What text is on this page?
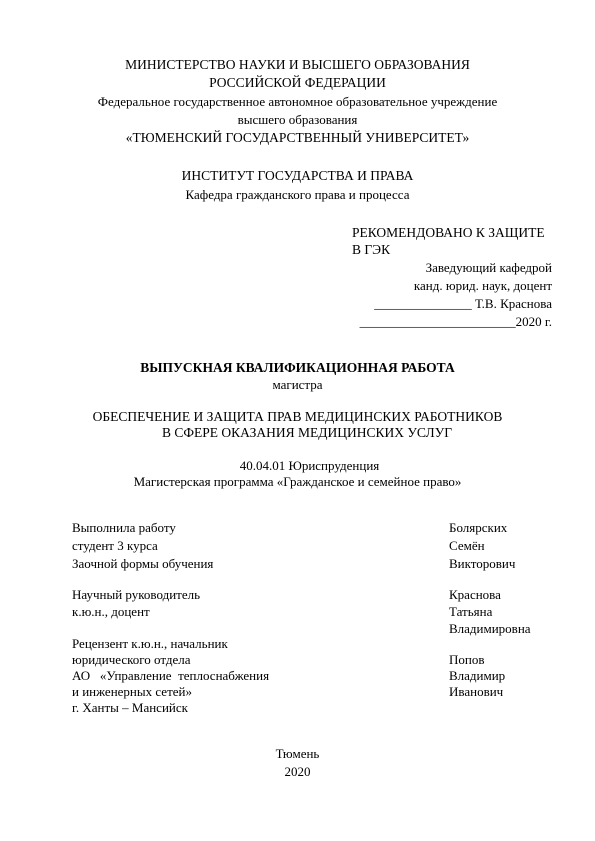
МИНИСТЕРСТВО НАУКИ И ВЫСШЕГО ОБРАЗОВАНИЯ
РОССИЙСКОЙ ФЕДЕРАЦИИ
Федеральное государственное автономное образовательное учреждение
высшего образования
«ТЮМЕНСКИЙ ГОСУДАРСТВЕННЫЙ УНИВЕРСИТЕТ»
ИНСТИТУТ ГОСУДАРСТВА И ПРАВА
Кафедра гражданского права и процесса
РЕКОМЕНДОВАНО К ЗАЩИТЕ
В ГЭК
Заведующий кафедрой
канд. юрид. наук, доцент
_______________ Т.В. Краснова
________________________2020 г.
ВЫПУСКНАЯ КВАЛИФИКАЦИОННАЯ РАБОТА
магистра
ОБЕСПЕЧЕНИЕ И ЗАЩИТА ПРАВ МЕДИЦИНСКИХ РАБОТНИКОВ
В СФЕРЕ ОКАЗАНИЯ МЕДИЦИНСКИХ УСЛУГ
40.04.01 Юриспруденция
Магистерская программа «Гражданское и семейное право»
Выполнила работу
студент 3 курса
Заочной формы обучения
Болярских
Семён
Викторович
Научный руководитель
к.ю.н., доцент
Краснова
Татьяна
Владимировна
Рецензент к.ю.н., начальник
юридического отдела
АО   «Управление  теплоснабжения
и инженерных сетей»
г. Ханты – Мансийск
Попов
Владимир
Иванович
Тюмень
2020
